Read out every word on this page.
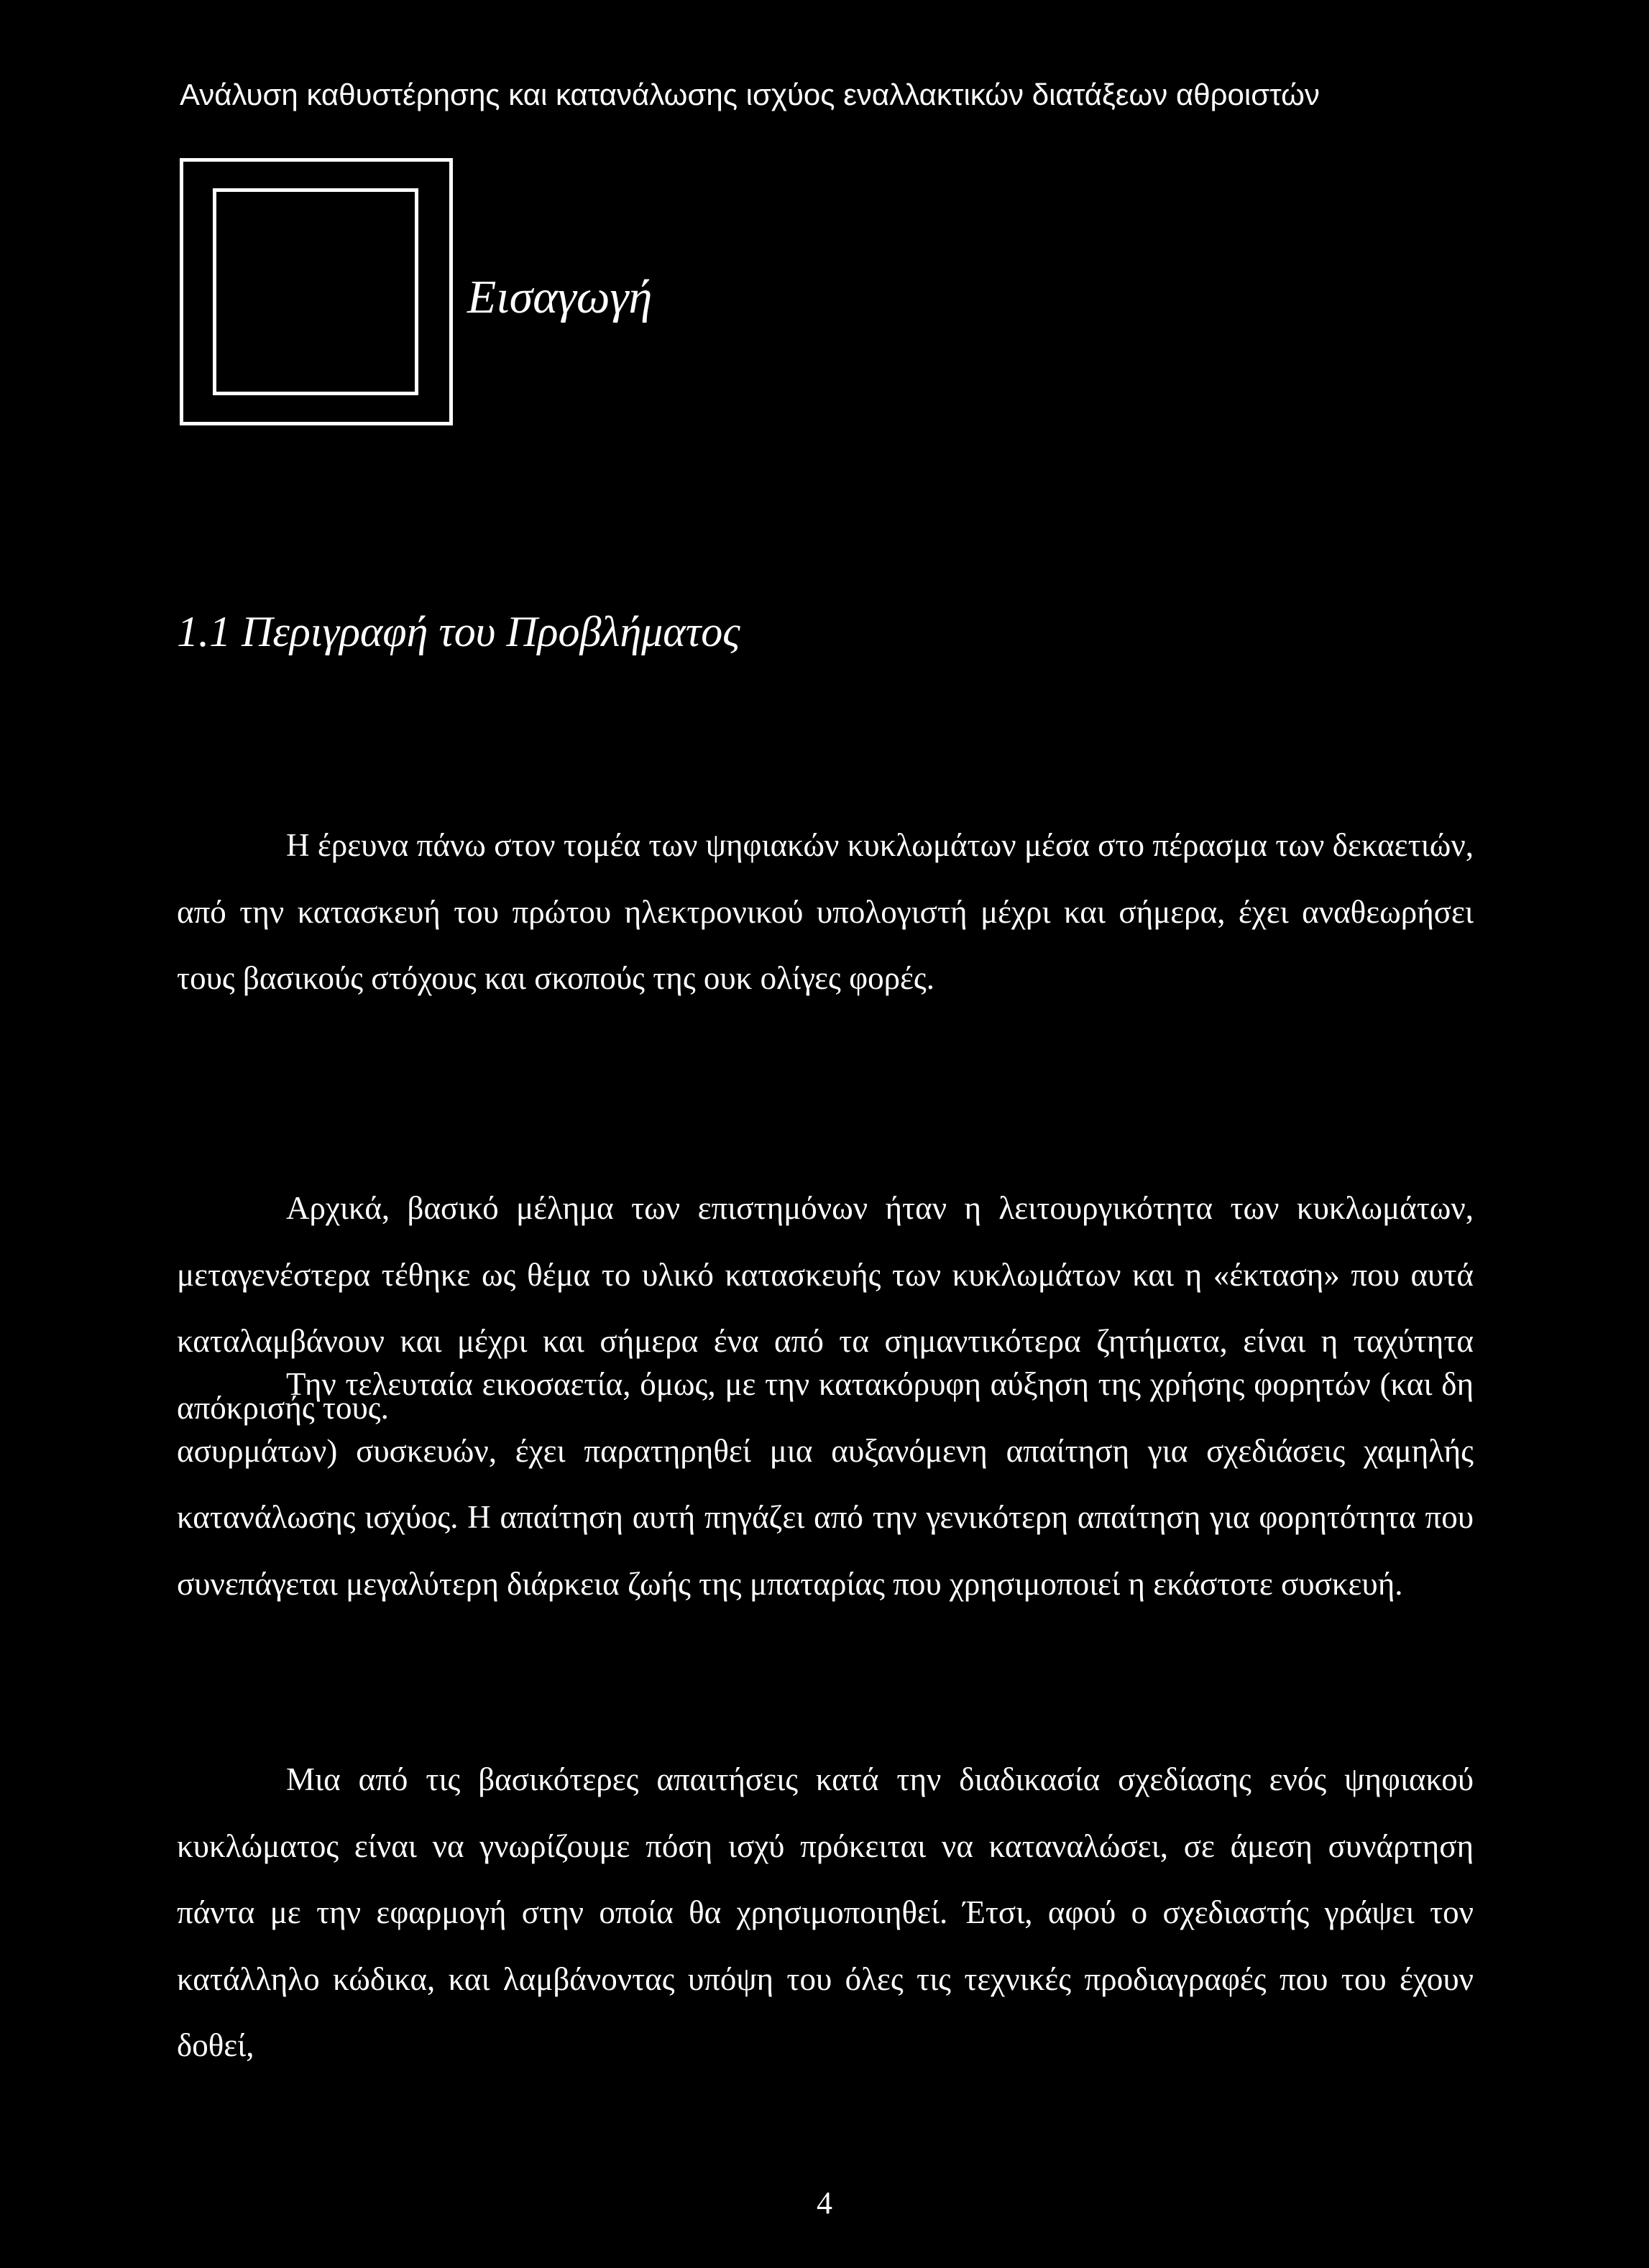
Ανάλυση καθυστέρησης και κατανάλωσης ισχύος εναλλακτικών διατάξεων αθροιστών
Εισαγωγή
1.1 Περιγραφή του Προβλήματος

Η έρευνα πάνω στον τομέα των ψηφιακών κυκλωμάτων μέσα στο πέρασμα των δεκαετιών, από την κατασκευή του πρώτου ηλεκτρονικού υπολογιστή μέχρι και σήμερα, έχει αναθεωρήσει τους βασικούς στόχους και σκοπούς της ουκ ολίγες φορές.

Αρχικά, βασικό μέλημα των επιστημόνων ήταν η λειτουργικότητα των κυκλωμάτων, μεταγενέστερα τέθηκε ως θέμα το υλικό κατασκευής των κυκλωμάτων και η «έκταση» που αυτά καταλαμβάνουν και μέχρι και σήμερα ένα από τα σημαντικότερα ζητήματα, είναι η ταχύτητα απόκρισής τους.

Την τελευταία εικοσαετία, όμως, με την κατακόρυφη αύξηση της χρήσης φορητών (και δη ασυρμάτων) συσκευών, έχει παρατηρηθεί μια αυξανόμενη απαίτηση για σχεδιάσεις χαμηλής κατανάλωσης ισχύος. Η απαίτηση αυτή πηγάζει από την γενικότερη απαίτηση για φορητότητα που συνεπάγεται μεγαλύτερη διάρκεια ζωής της μπαταρίας που χρησιμοποιεί η εκάστοτε συσκευή.

Μια από τις βασικότερες απαιτήσεις κατά την διαδικασία σχεδίασης ενός ψηφιακού κυκλώματος είναι να γνωρίζουμε πόση ισχύ πρόκειται να καταναλώσει, σε άμεση συνάρτηση πάντα με την εφαρμογή στην οποία θα χρησιμοποιηθεί. Έτσι, αφού ο σχεδιαστής γράψει τον κατάλληλο κώδικα, και λαμβάνοντας υπόψη του όλες τις τεχνικές προδιαγραφές που του έχουν δοθεί,

4
